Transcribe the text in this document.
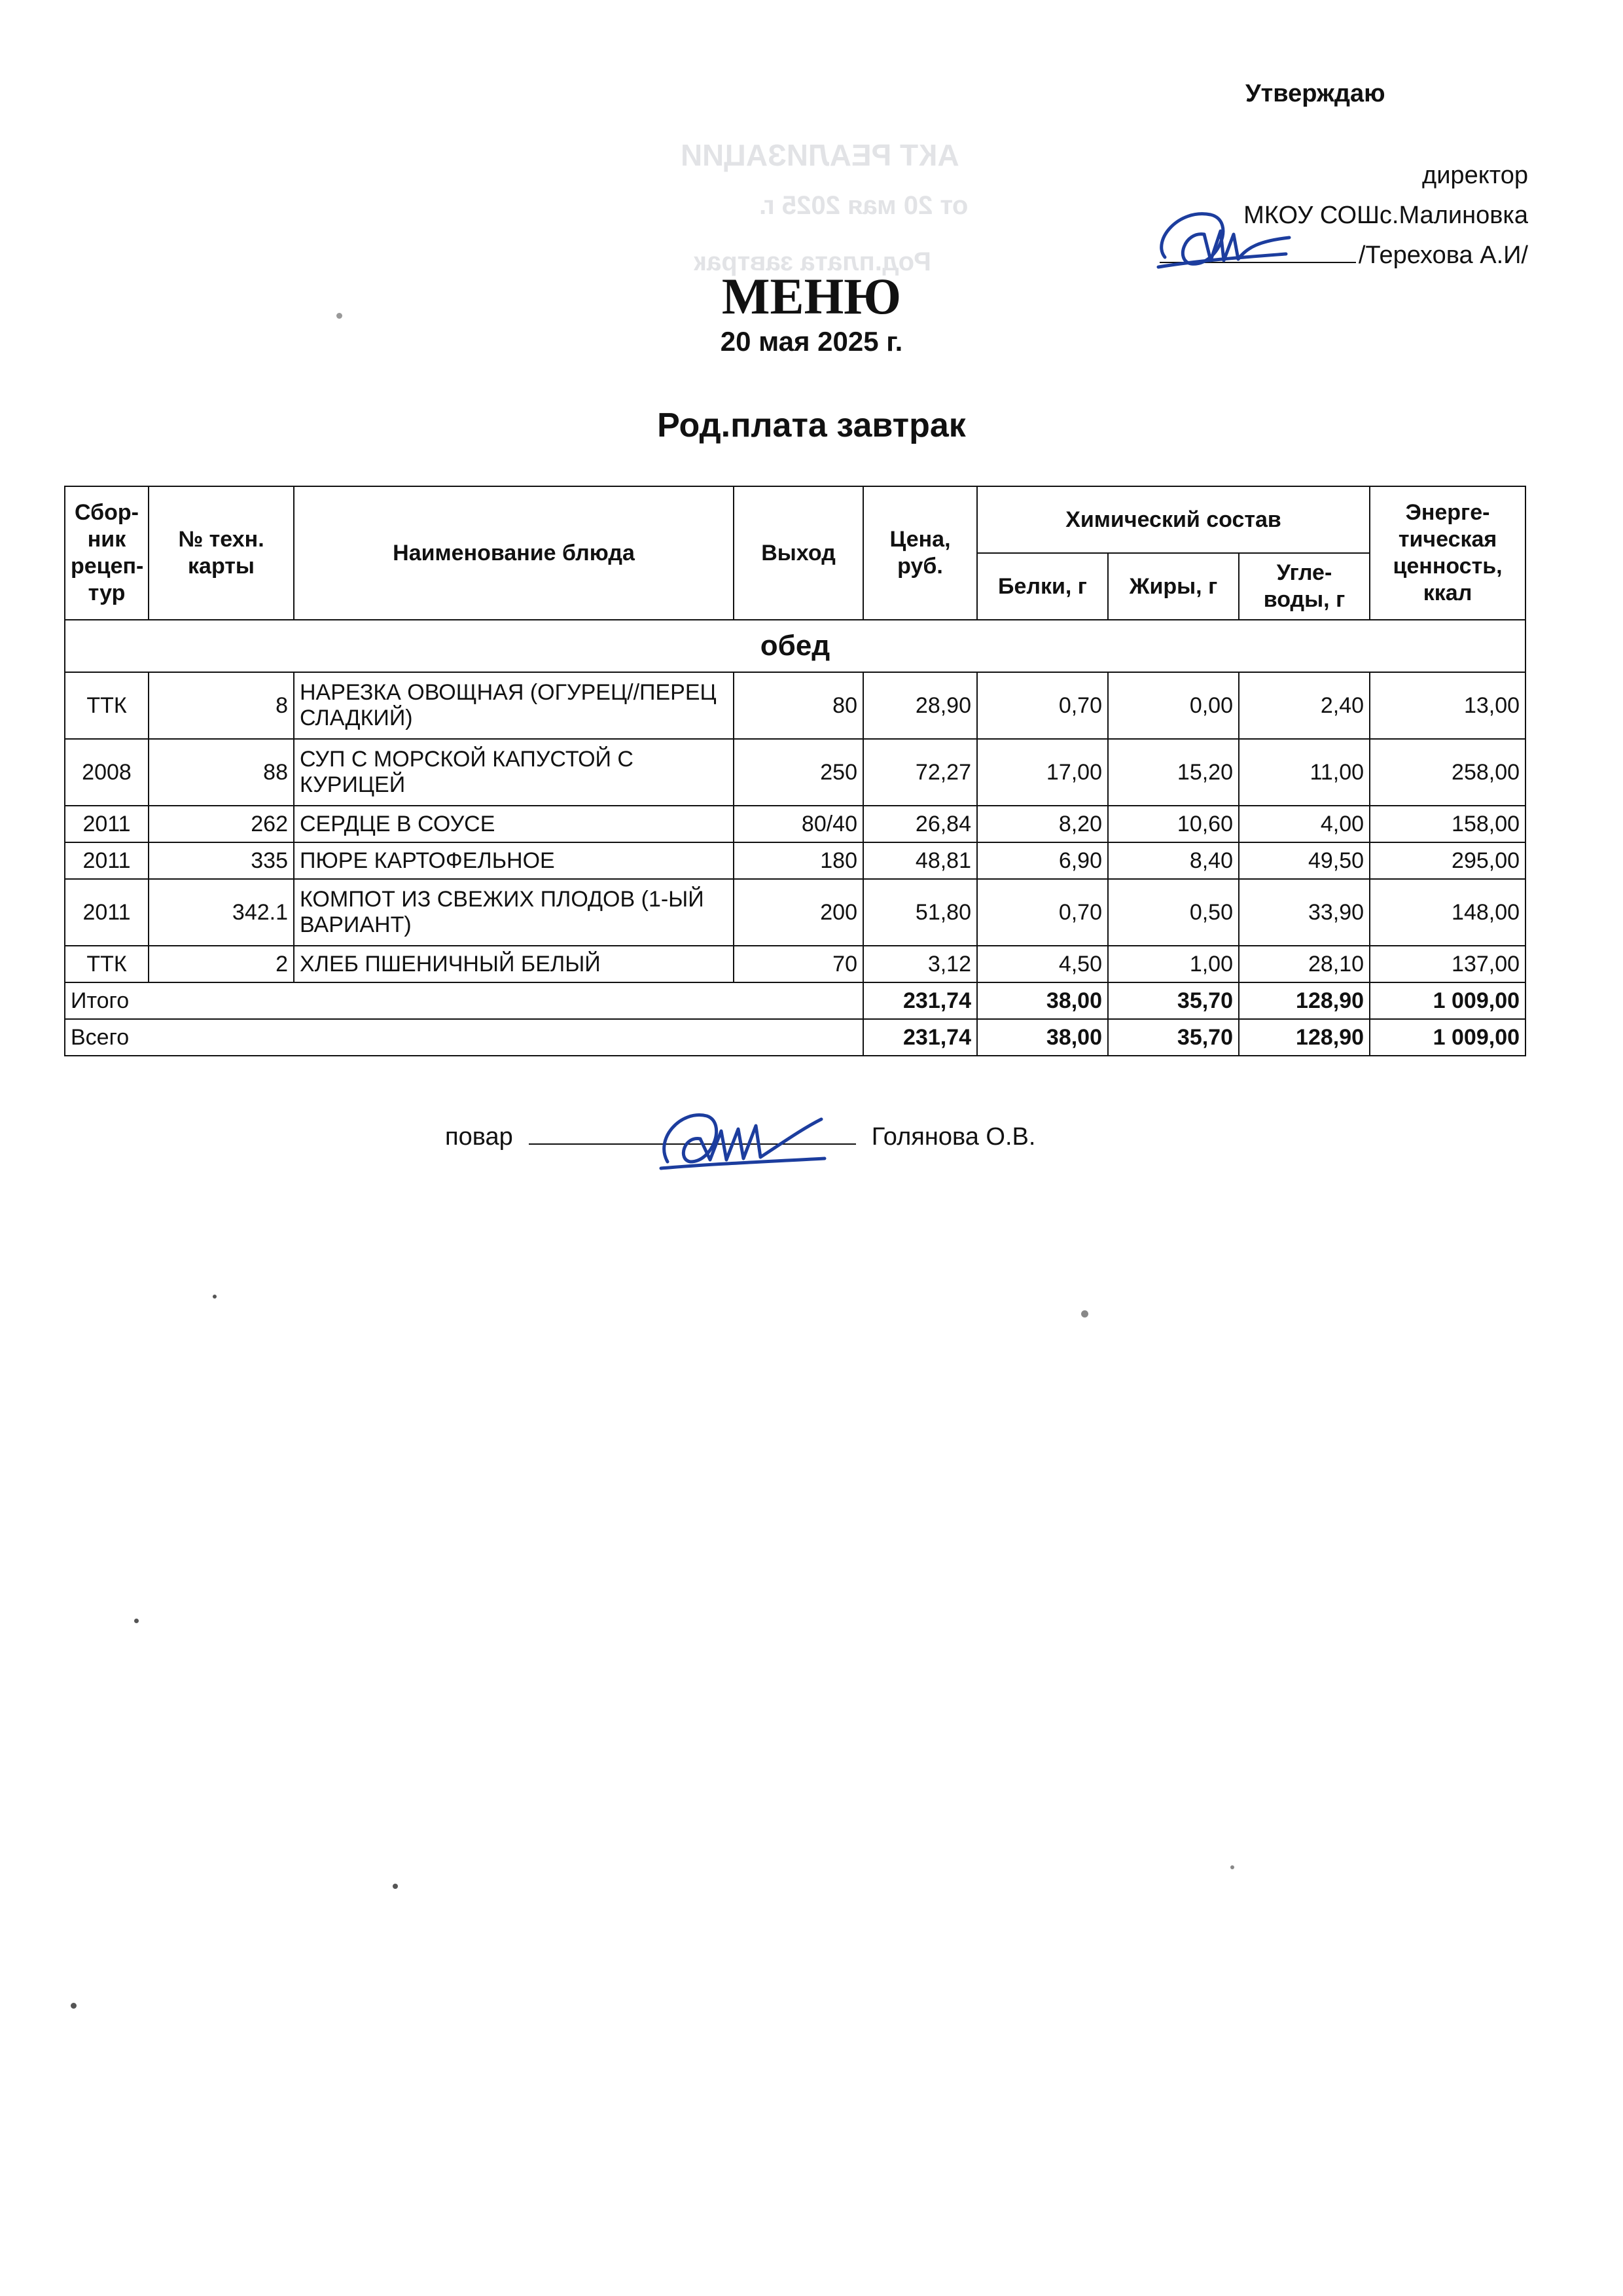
АКТ РЕАЛИЗАЦИИ
от 20 мая 2025 г.
Род.плата завтрак
Утверждаю
директор
МКОУ СОШс.Малиновка
/Терехова А.И/
МЕНЮ
20 мая 2025 г.
Род.плата завтрак
Сбор-ник рецеп-тур	№ техн. карты	Наименование блюда	Выход	Цена, руб.	Химический состав			Энерге-тическая ценность, ккал
					Белки, г	Жиры, г	Угле-воды, г	
обед								
ТТК	8	НАРЕЗКА ОВОЩНАЯ (ОГУРЕЦ//ПЕРЕЦ СЛАДКИЙ)	80	28,90	0,70	0,00	2,40	13,00
2008	88	СУП С МОРСКОЙ КАПУСТОЙ С КУРИЦЕЙ	250	72,27	17,00	15,20	11,00	258,00
2011	262	СЕРДЦЕ В СОУСЕ	80/40	26,84	8,20	10,60	4,00	158,00
2011	335	ПЮРЕ КАРТОФЕЛЬНОЕ	180	48,81	6,90	8,40	49,50	295,00
2011	342.1	КОМПОТ ИЗ СВЕЖИХ ПЛОДОВ (1-ЫЙ ВАРИАНТ)	200	51,80	0,70	0,50	33,90	148,00
ТТК	2	ХЛЕБ ПШЕНИЧНЫЙ БЕЛЫЙ	70	3,12	4,50	1,00	28,10	137,00
Итого				231,74	38,00	35,70	128,90	1 009,00
Всего				231,74	38,00	35,70	128,90	1 009,00
повар	Голянова О.В.
